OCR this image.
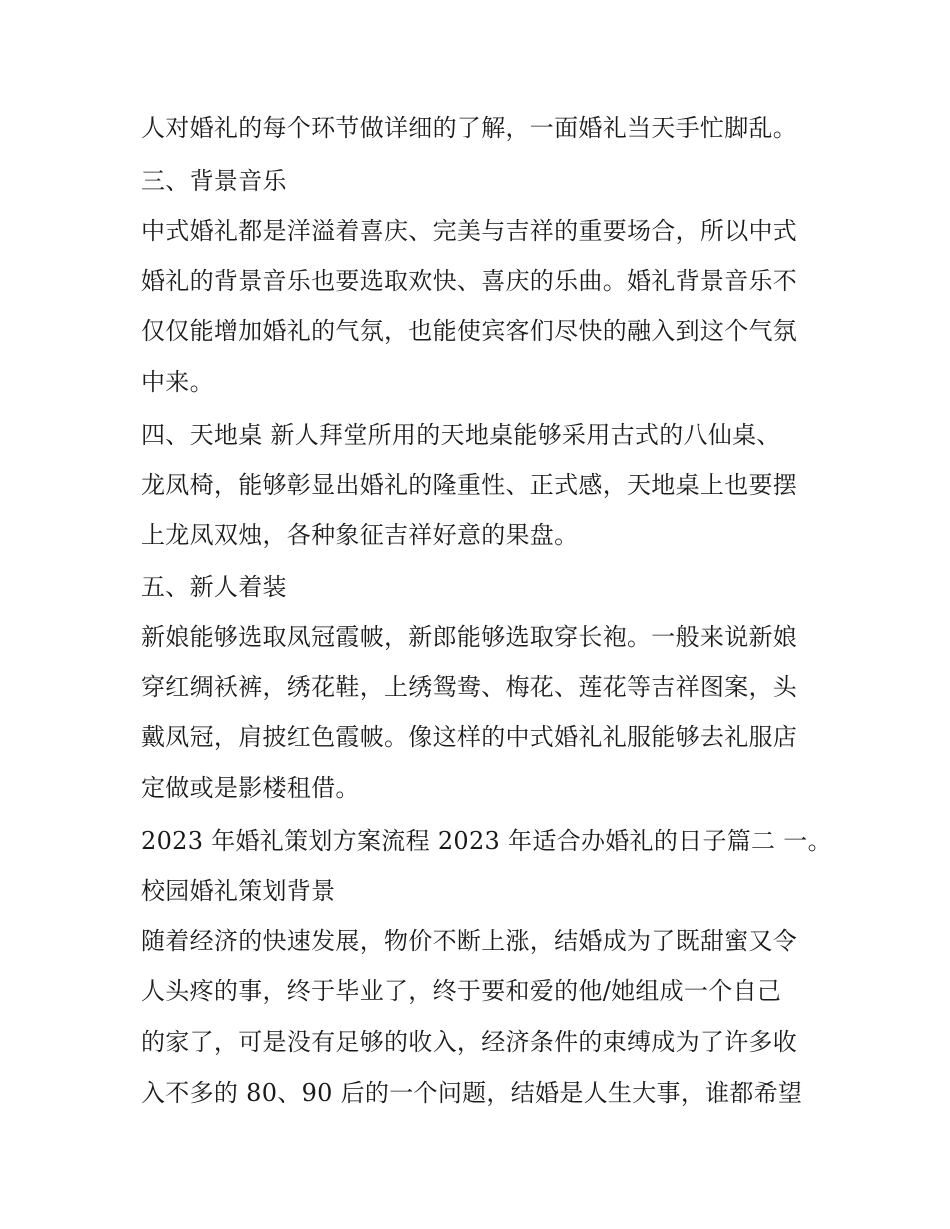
人对婚礼的每个环节做详细的了解，一面婚礼当天手忙脚乱。
三、背景音乐
中式婚礼都是洋溢着喜庆、完美与吉祥的重要场合，所以中式
婚礼的背景音乐也要选取欢快、喜庆的乐曲。婚礼背景音乐不
仅仅能增加婚礼的气氛，也能使宾客们尽快的融入到这个气氛
中来。
四、天地桌 新人拜堂所用的天地桌能够采用古式的八仙桌、
龙凤椅，能够彰显出婚礼的隆重性、正式感，天地桌上也要摆
上龙凤双烛，各种象征吉祥好意的果盘。
五、新人着装
新娘能够选取凤冠霞帔，新郎能够选取穿长袍。一般来说新娘
穿红绸袄裤，绣花鞋，上绣鸳鸯、梅花、莲花等吉祥图案，头
戴凤冠，肩披红色霞帔。像这样的中式婚礼礼服能够去礼服店
定做或是影楼租借。
2023 年婚礼策划方案流程 2023 年适合办婚礼的日子篇二 一。
校园婚礼策划背景
随着经济的快速发展，物价不断上涨，结婚成为了既甜蜜又令
人头疼的事，终于毕业了，终于要和爱的他/她组成一个自己
的家了，可是没有足够的收入，经济条件的束缚成为了许多收
入不多的 80、90 后的一个问题，结婚是人生大事，谁都希望
